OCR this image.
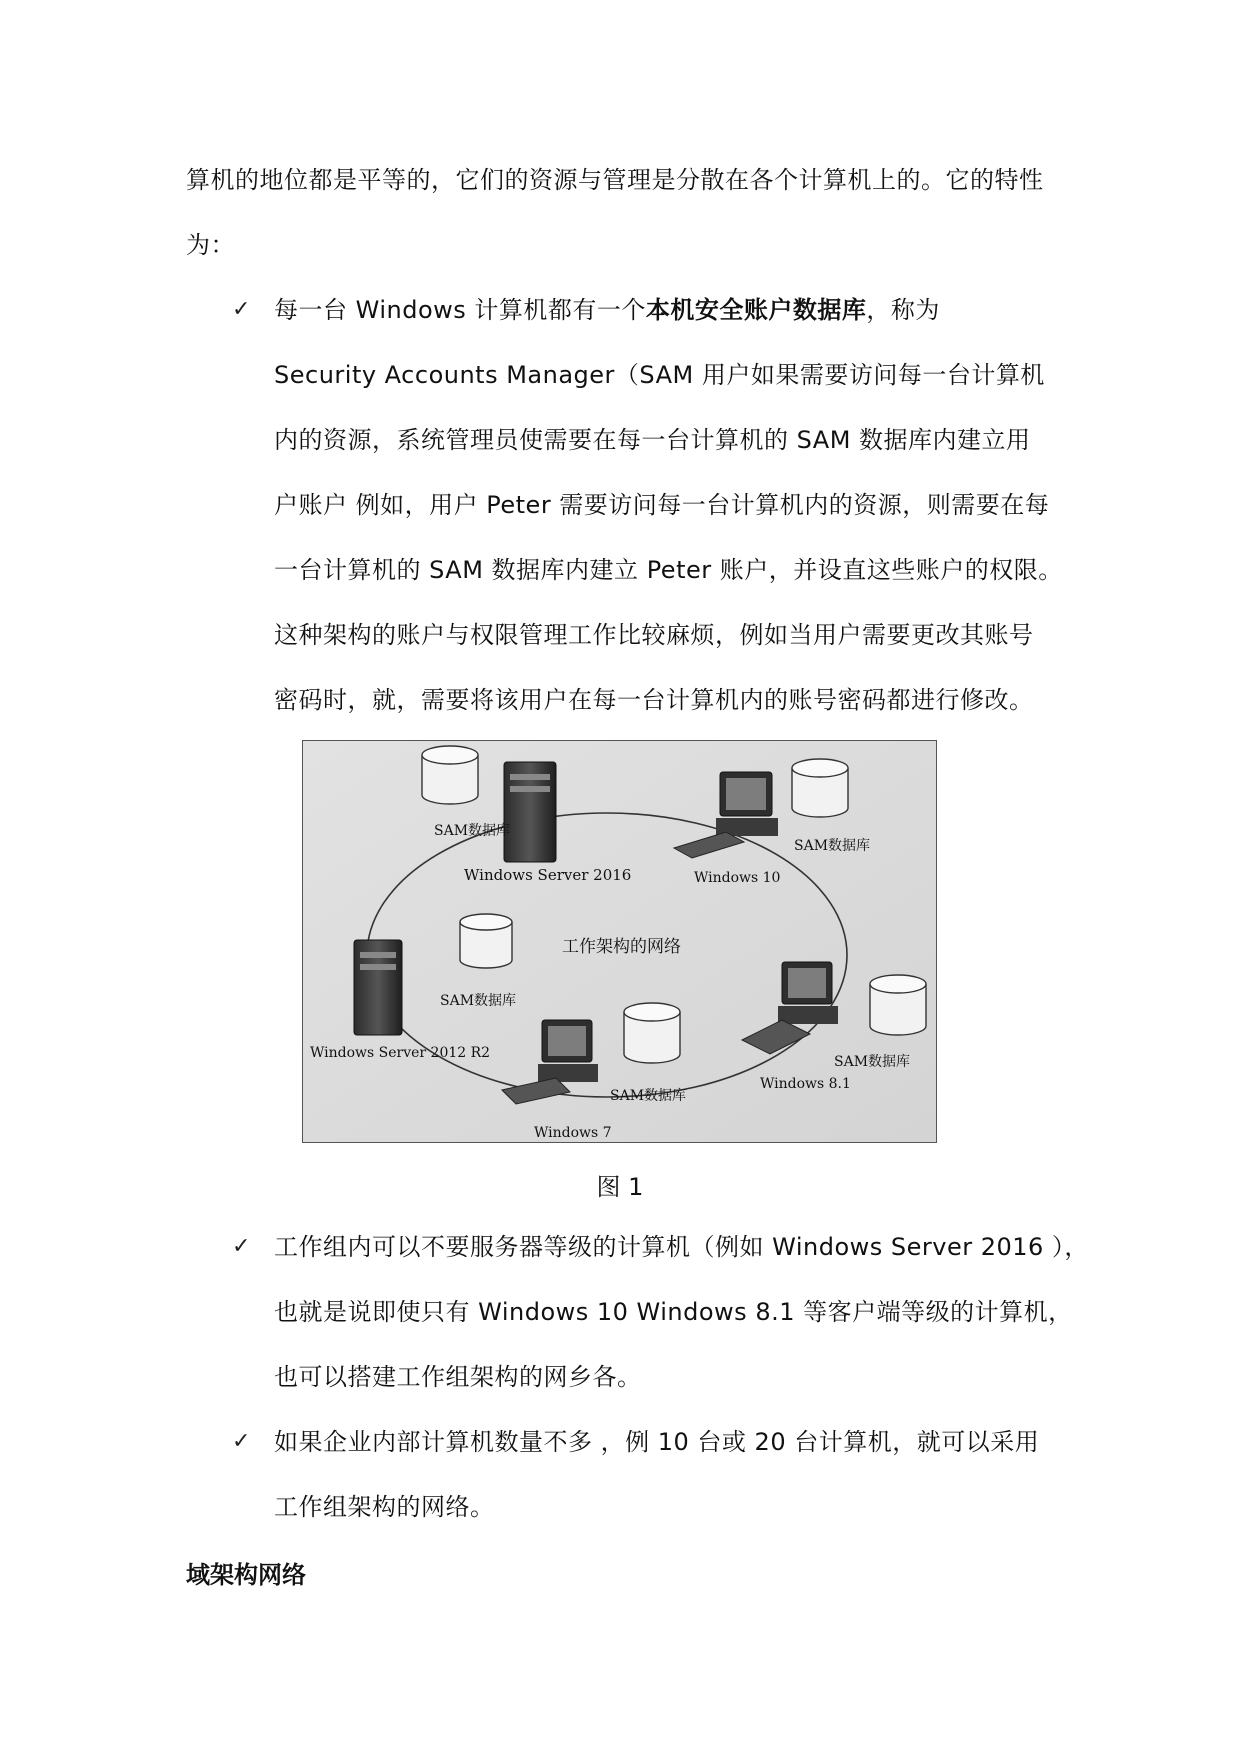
算机的地位都是平等的，它们的资源与管理是分散在各个计算机上的。它的特性
为：
✓ 每一台 Windows 计算机都有一个本机安全账户数据库，称为
Security Accounts Manager（SAM 用户如果需要访问每一台计算机
内的资源，系统管理员使需要在每一台计算机的 SAM 数据库内建立用
户账户 例如，用户 Peter 需要访问每一台计算机内的资源，则需要在每
一台计算机的 SAM 数据库内建立 Peter 账户，并设直这些账户的权限。
这种架构的账户与权限管理工作比较麻烦，例如当用户需要更改其账号
密码时，就，需要将该用户在每一台计算机内的账号密码都进行修改。
SAM数据库
Windows Server 2016
SAM数据库
Windows 10
工作架构的网络
SAM数据库
Windows Server 2012 R2
SAM数据库
Windows 8.1
SAM数据库
Windows 7
图 1
✓ 工作组内可以不要服务器等级的计算机（例如 Windows Server 2016 ），
也就是说即使只有 Windows 10 Windows 8.1 等客户端等级的计算机，
也可以搭建工作组架构的网乡各。
✓ 如果企业内部计算机数量不多 ，例 10 台或 20 台计算机，就可以采用
工作组架构的网络。
域架构网络
